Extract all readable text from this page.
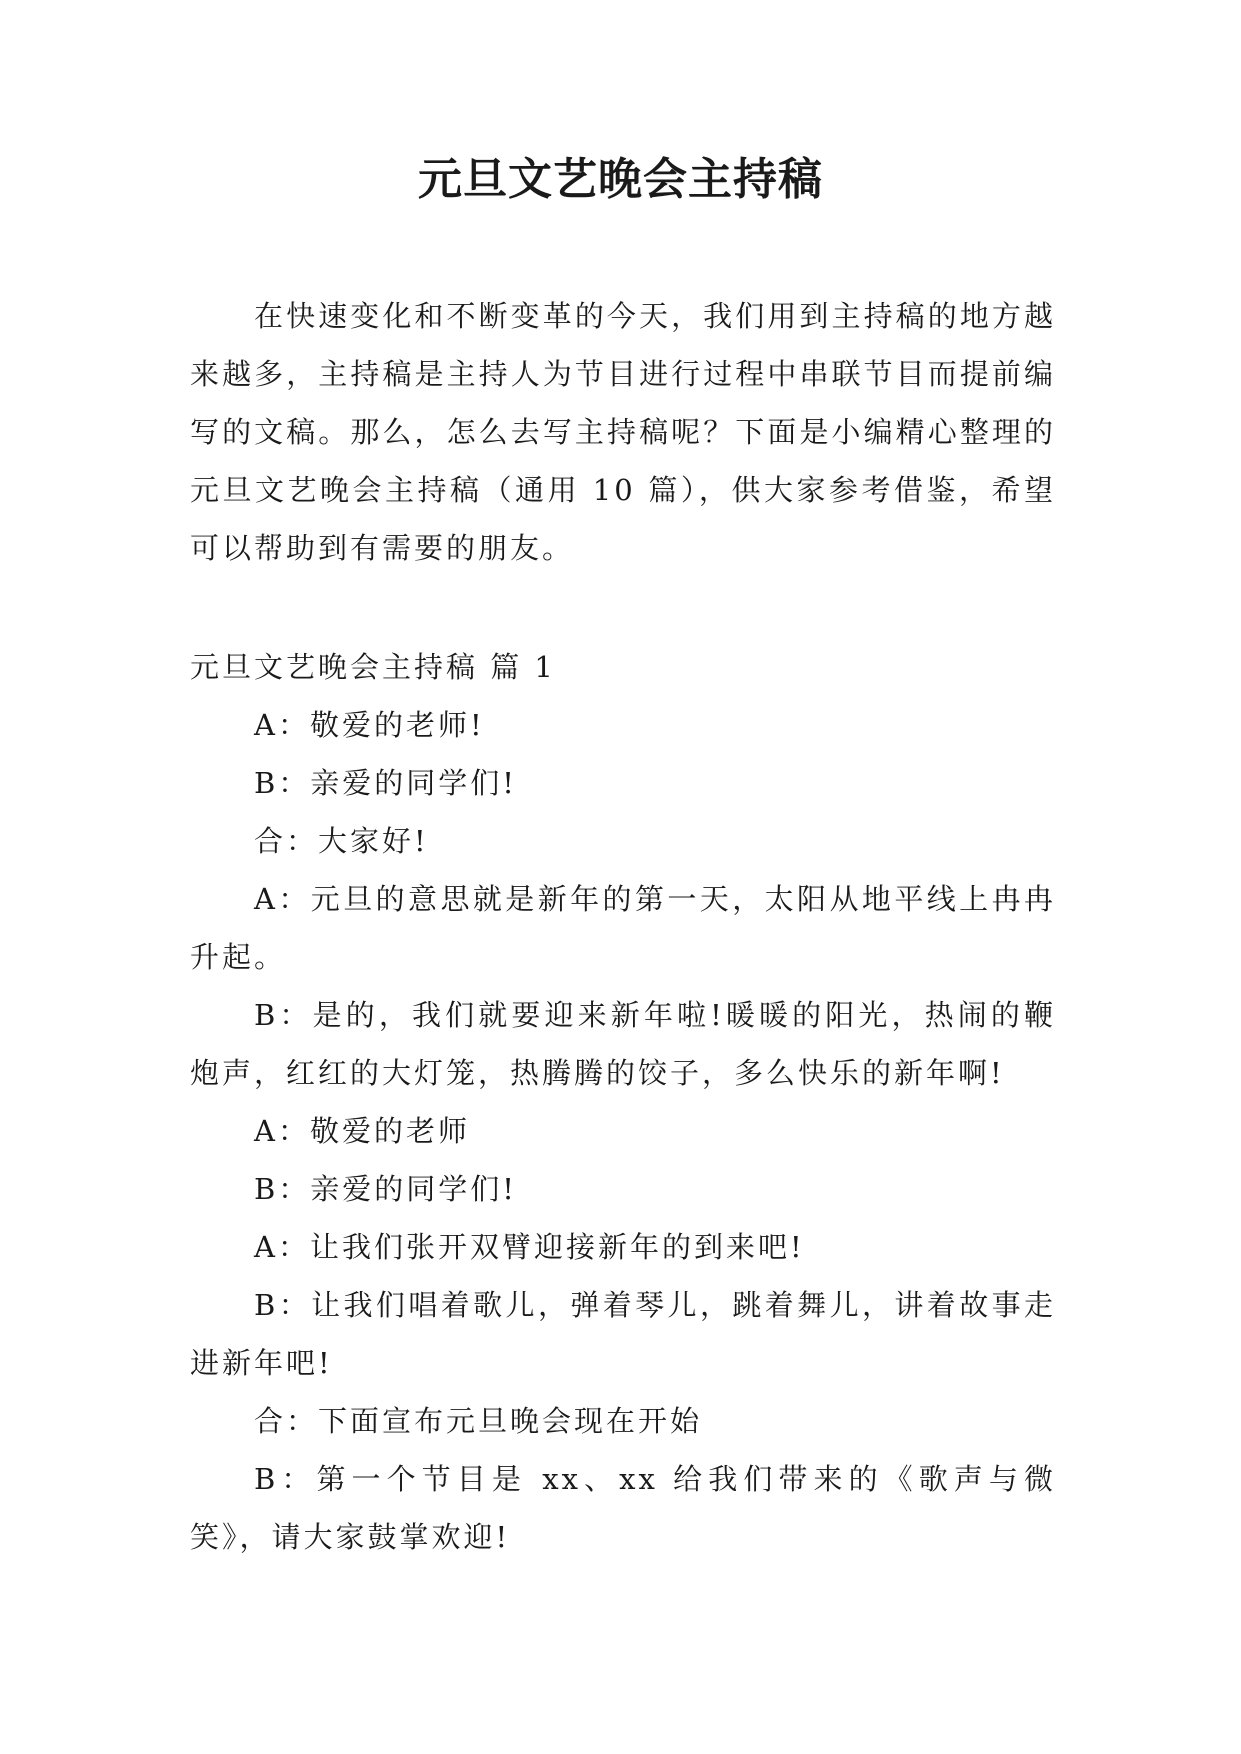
元旦文艺晚会主持稿

在快速变化和不断变革的今天，我们用到主持稿的地方越来越多，主持稿是主持人为节目进行过程中串联节目而提前编写的文稿。那么，怎么去写主持稿呢？下面是小编精心整理的元旦文艺晚会主持稿（通用 10 篇），供大家参考借鉴，希望可以帮助到有需要的朋友。

元旦文艺晚会主持稿 篇 1

A：敬爱的老师!

B：亲爱的同学们!

合：大家好!

A：元旦的意思就是新年的第一天，太阳从地平线上冉冉升起。

B：是的，我们就要迎来新年啦!暖暖的阳光，热闹的鞭炮声，红红的大灯笼，热腾腾的饺子，多么快乐的新年啊!

A：敬爱的老师

B：亲爱的同学们!

A：让我们张开双臂迎接新年的到来吧!

B：让我们唱着歌儿，弹着琴儿，跳着舞儿，讲着故事走进新年吧!

合：下面宣布元旦晚会现在开始

B：第一个节目是 xx、xx 给我们带来的《歌声与微笑》，请大家鼓掌欢迎!
